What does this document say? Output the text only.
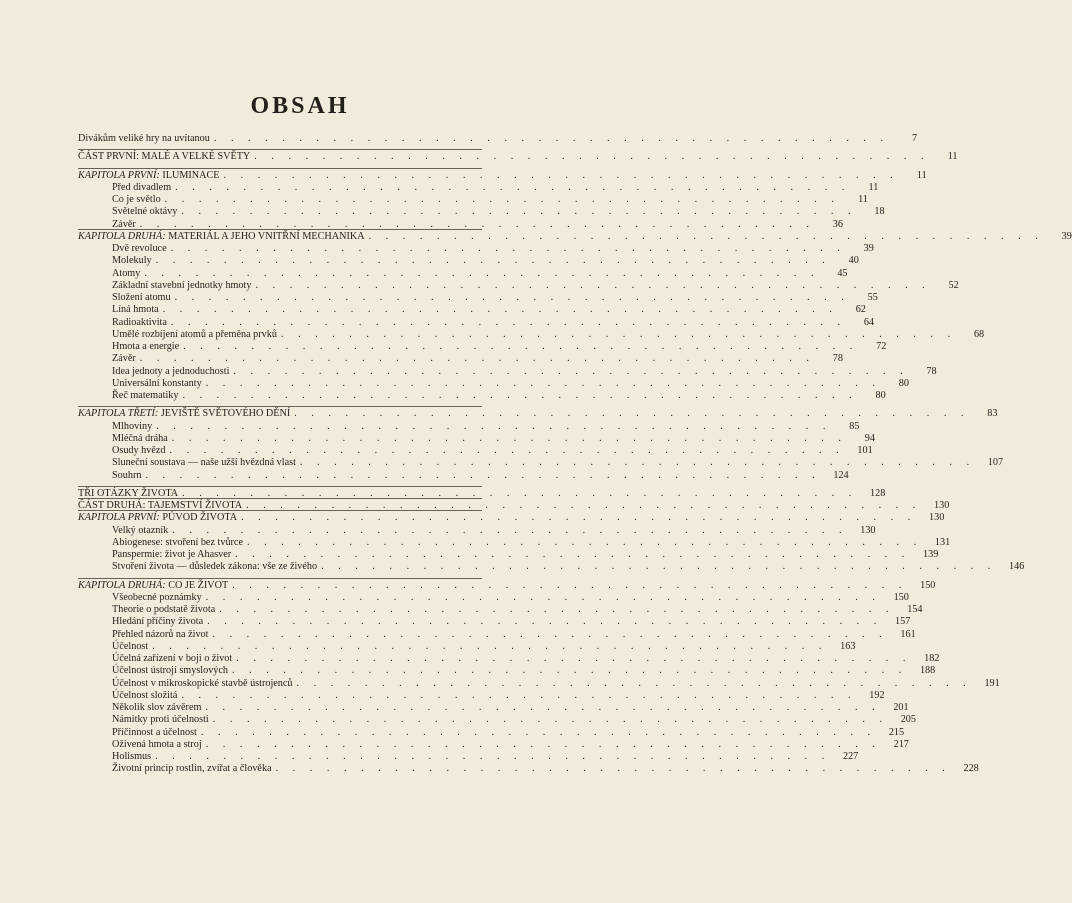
OBSAH
Divákům veliké hry na uvítanou . . . . . . . . . . . . . . . . . . . . . . . . . . . . . . . . . . . . . . . .	7
ČÁST PRVNÍ: MALÉ A VELKÉ SVĚTY . . . . . . . . . . . . . . . . . . . . . . . . . . . . . . . . . . . . . . . .	11
KAPITOLA PRVNÍ: ILUMINACE . . . . . . . . . . . . . . . . . . . . . . . . . . . . . . . . . . . . . . . .	11
Před divadlem . . . . . . . . . . . . . . . . . . . . . . . . . . . . . . . . . . . . . . . .	11
Co je světlo . . . . . . . . . . . . . . . . . . . . . . . . . . . . . . . . . . . . . . . .	11
Světelné oktávy . . . . . . . . . . . . . . . . . . . . . . . . . . . . . . . . . . . . . . . .	18
Závěr . . . . . . . . . . . . . . . . . . . . . . . . . . . . . . . . . . . . . . . .	36
KAPITOLA DRUHÁ: MATERIÁL A JEHO VNITŘNÍ MECHANIKA . . . . . . . . . . . . . . . . . . . . . . . . . . . . . . . . . . . . . . . .	39
Dvě revoluce . . . . . . . . . . . . . . . . . . . . . . . . . . . . . . . . . . . . . . . .	39
Molekuly . . . . . . . . . . . . . . . . . . . . . . . . . . . . . . . . . . . . . . . .	40
Atomy . . . . . . . . . . . . . . . . . . . . . . . . . . . . . . . . . . . . . . . .	45
Základní stavební jednotky hmoty . . . . . . . . . . . . . . . . . . . . . . . . . . . . . . . . . . . . . . . .	52
Složení atomu . . . . . . . . . . . . . . . . . . . . . . . . . . . . . . . . . . . . . . . .	55
Líná hmota . . . . . . . . . . . . . . . . . . . . . . . . . . . . . . . . . . . . . . . .	62
Radioaktivita . . . . . . . . . . . . . . . . . . . . . . . . . . . . . . . . . . . . . . . .	64
Umělé rozbíjení atomů a přeměna prvků . . . . . . . . . . . . . . . . . . . . . . . . . . . . . . . . . . . . . . . .	68
Hmota a energie . . . . . . . . . . . . . . . . . . . . . . . . . . . . . . . . . . . . . . . .	72
Závěr . . . . . . . . . . . . . . . . . . . . . . . . . . . . . . . . . . . . . . . .	78
Idea jednoty a jednoduchosti . . . . . . . . . . . . . . . . . . . . . . . . . . . . . . . . . . . . . . . .	78
Universální konstanty . . . . . . . . . . . . . . . . . . . . . . . . . . . . . . . . . . . . . . . .	80
Řeč matematiky . . . . . . . . . . . . . . . . . . . . . . . . . . . . . . . . . . . . . . . .	80
KAPITOLA TŘETÍ: JEVIŠTĚ SVĚTOVÉHO DĚNÍ . . . . . . . . . . . . . . . . . . . . . . . . . . . . . . . . . . . . . . . .	83
Mlhoviny . . . . . . . . . . . . . . . . . . . . . . . . . . . . . . . . . . . . . . . .	85
Mléčná dráha . . . . . . . . . . . . . . . . . . . . . . . . . . . . . . . . . . . . . . . .	94
Osudy hvězd . . . . . . . . . . . . . . . . . . . . . . . . . . . . . . . . . . . . . . . .	101
Sluneční soustava — naše užší hvězdná vlast . . . . . . . . . . . . . . . . . . . . . . . . . . . . . . . . . . . . . . . .	107
Souhrn . . . . . . . . . . . . . . . . . . . . . . . . . . . . . . . . . . . . . . . .	124
TŘI OTÁZKY ŽIVOTA . . . . . . . . . . . . . . . . . . . . . . . . . . . . . . . . . . . . . . . .	128
ČÁST DRUHÁ: TAJEMSTVÍ ŽIVOTA . . . . . . . . . . . . . . . . . . . . . . . . . . . . . . . . . . . . . . . .	130
KAPITOLA PRVNÍ: PŮVOD ŽIVOTA . . . . . . . . . . . . . . . . . . . . . . . . . . . . . . . . . . . . . . . .	130
Velký otazník . . . . . . . . . . . . . . . . . . . . . . . . . . . . . . . . . . . . . . . .	130
Abiogenese: stvoření bez tvůrce . . . . . . . . . . . . . . . . . . . . . . . . . . . . . . . . . . . . . . . .	131
Panspermie: život je Ahasver . . . . . . . . . . . . . . . . . . . . . . . . . . . . . . . . . . . . . . . .	139
Stvoření života — důsledek zákona: vše ze živého . . . . . . . . . . . . . . . . . . . . . . . . . . . . . . . . . . . . . . . .	146
KAPITOLA DRUHÁ: CO JE ŽIVOT . . . . . . . . . . . . . . . . . . . . . . . . . . . . . . . . . . . . . . . .	150
Všeobecné poznámky . . . . . . . . . . . . . . . . . . . . . . . . . . . . . . . . . . . . . . . .	150
Theorie o podstatě života . . . . . . . . . . . . . . . . . . . . . . . . . . . . . . . . . . . . . . . .	154
Hledání příčiny života . . . . . . . . . . . . . . . . . . . . . . . . . . . . . . . . . . . . . . . .	157
Přehled názorů na život . . . . . . . . . . . . . . . . . . . . . . . . . . . . . . . . . . . . . . . .	161
Účelnost . . . . . . . . . . . . . . . . . . . . . . . . . . . . . . . . . . . . . . . .	163
Účelná zařízení v boji o život . . . . . . . . . . . . . . . . . . . . . . . . . . . . . . . . . . . . . . . .	182
Účelnost ústrojí smyslových . . . . . . . . . . . . . . . . . . . . . . . . . . . . . . . . . . . . . . . .	188
Účelnost v mikroskopické stavbě ústrojenců . . . . . . . . . . . . . . . . . . . . . . . . . . . . . . . . . . . . . . . .	191
Účelnost složitá . . . . . . . . . . . . . . . . . . . . . . . . . . . . . . . . . . . . . . . .	192
Několik slov závěrem . . . . . . . . . . . . . . . . . . . . . . . . . . . . . . . . . . . . . . . .	201
Námitky proti účelnosti . . . . . . . . . . . . . . . . . . . . . . . . . . . . . . . . . . . . . . . .	205
Příčinnost a účelnost . . . . . . . . . . . . . . . . . . . . . . . . . . . . . . . . . . . . . . . .	215
Oživená hmota a stroj . . . . . . . . . . . . . . . . . . . . . . . . . . . . . . . . . . . . . . . .	217
Holismus . . . . . . . . . . . . . . . . . . . . . . . . . . . . . . . . . . . . . . . .	227
Životní princip rostlin, zvířat a člověka . . . . . . . . . . . . . . . . . . . . . . . . . . . . . . . . . . . . . . . .	228
